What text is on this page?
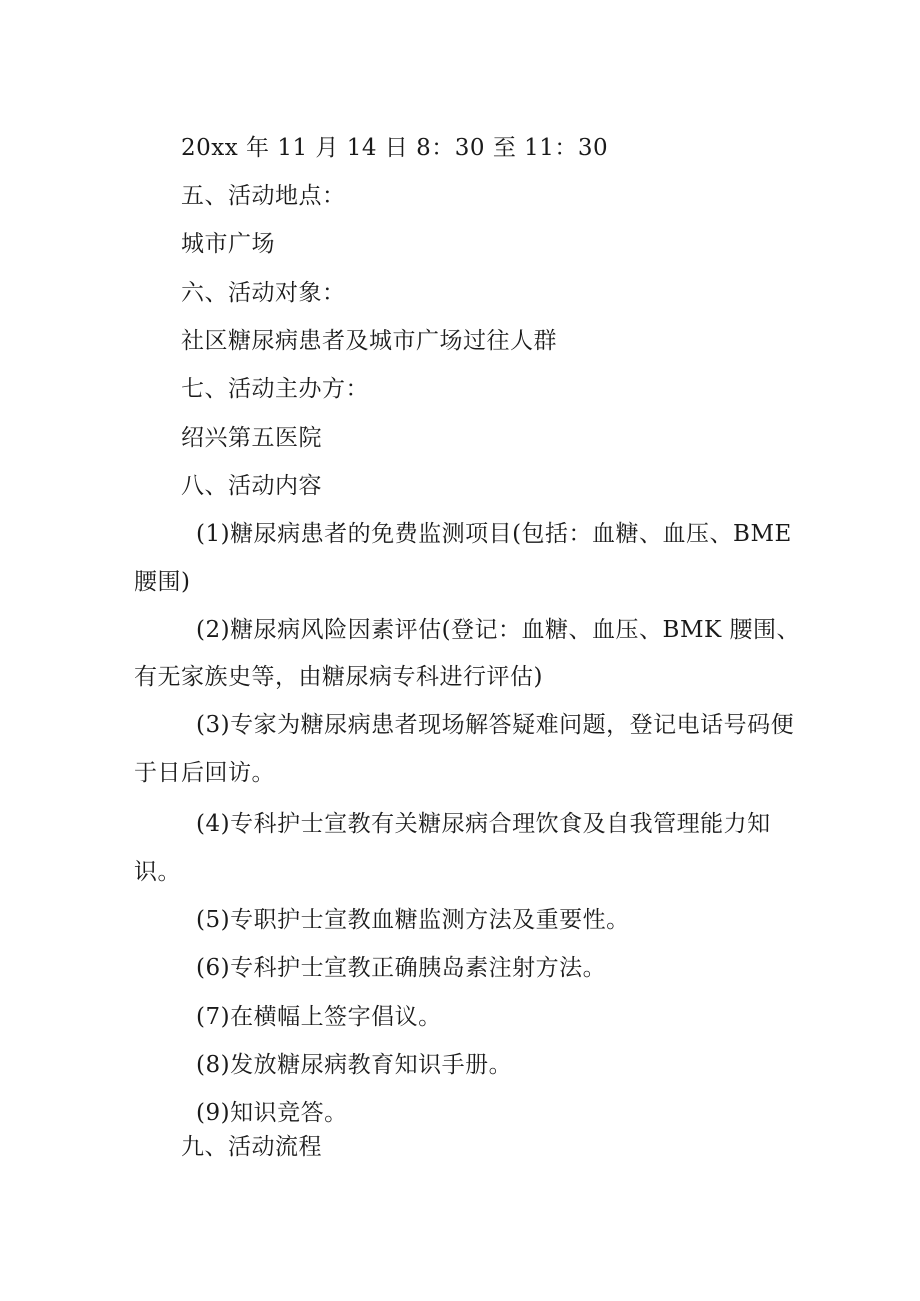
20xx 年 11 月 14 日 8：30 至 11：30
五、活动地点：
城市广场
六、活动对象：
社区糖尿病患者及城市广场过往人群
七、活动主办方：
绍兴第五医院
八、活动内容
(1)糖尿病患者的免费监测项目(包括：血糖、血压、BME
腰围)
(2)糖尿病风险因素评估(登记：血糖、血压、BMK 腰围、
有无家族史等，由糖尿病专科进行评估)
(3)专家为糖尿病患者现场解答疑难问题，登记电话号码便
于日后回访。
(4)专科护士宣教有关糖尿病合理饮食及自我管理能力知
识。
(5)专职护士宣教血糖监测方法及重要性。
(6)专科护士宣教正确胰岛素注射方法。
(7)在横幅上签字倡议。
(8)发放糖尿病教育知识手册。
(9)知识竞答。
九、活动流程
